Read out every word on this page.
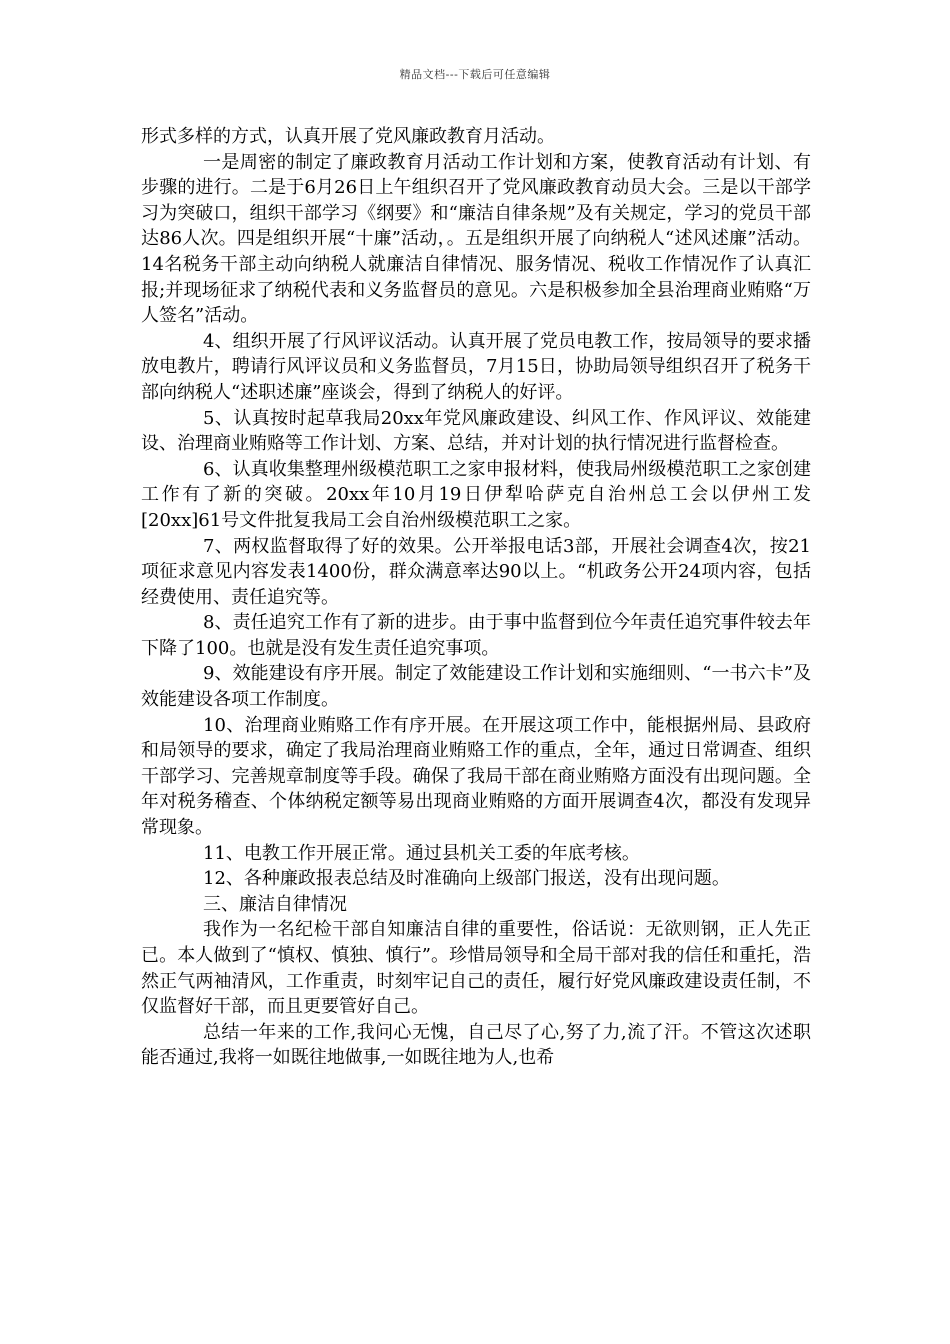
精品文档---下载后可任意编辑

形式多样的方式，认真开展了党风廉政教育月活动。

一是周密的制定了廉政教育月活动工作计划和方案，使教育活动有计划、有步骤的进行。二是于6月26日上午组织召开了党风廉政教育动员大会。三是以干部学习为突破口，组织干部学习《纲要》和“廉洁自律条规”及有关规定，学习的党员干部达86人次。四是组织开展“十廉”活动，。五是组织开展了向纳税人“述风述廉”活动。14名税务干部主动向纳税人就廉洁自律情况、服务情况、税收工作情况作了认真汇报;并现场征求了纳税代表和义务监督员的意见。六是积极参加全县治理商业贿赂“万人签名”活动。

4、组织开展了行风评议活动。认真开展了党员电教工作，按局领导的要求播放电教片，聘请行风评议员和义务监督员，7月15日，协助局领导组织召开了税务干部向纳税人“述职述廉”座谈会，得到了纳税人的好评。

5、认真按时起草我局20xx年党风廉政建设、纠风工作、作风评议、效能建设、治理商业贿赂等工作计划、方案、总结，并对计划的执行情况进行监督检查。

6、认真收集整理州级模范职工之家申报材料，使我局州级模范职工之家创建工作有了新的突破。20xx年10月19日伊犁哈萨克自治州总工会以伊州工发[20xx]61号文件批复我局工会自治州级模范职工之家。

7、两权监督取得了好的效果。公开举报电话3部，开展社会调查4次，按21项征求意见内容发表1400份，群众满意率达90以上。“机政务公开24项内容，包括经费使用、责任追究等。

8、责任追究工作有了新的进步。由于事中监督到位今年责任追究事件较去年下降了100。也就是没有发生责任追究事项。

9、效能建设有序开展。制定了效能建设工作计划和实施细则、“一书六卡”及效能建设各项工作制度。

10、治理商业贿赂工作有序开展。在开展这项工作中，能根据州局、县政府和局领导的要求，确定了我局治理商业贿赂工作的重点，全年，通过日常调查、组织干部学习、完善规章制度等手段。确保了我局干部在商业贿赂方面没有出现问题。全年对税务稽查、个体纳税定额等易出现商业贿赂的方面开展调查4次，都没有发现异常现象。

11、电教工作开展正常。通过县机关工委的年底考核。

12、各种廉政报表总结及时准确向上级部门报送，没有出现问题。

三、廉洁自律情况

我作为一名纪检干部自知廉洁自律的重要性，俗话说：无欲则钢，正人先正已。本人做到了“慎权、慎独、慎行”。珍惜局领导和全局干部对我的信任和重托，浩然正气两袖清风，工作重责，时刻牢记自己的责任，履行好党风廉政建设责任制，不仅监督好干部，而且更要管好自己。

总结一年来的工作,我问心无愧，自己尽了心,努了力,流了汗。不管这次述职能否通过,我将一如既往地做事,一如既往地为人,也希
